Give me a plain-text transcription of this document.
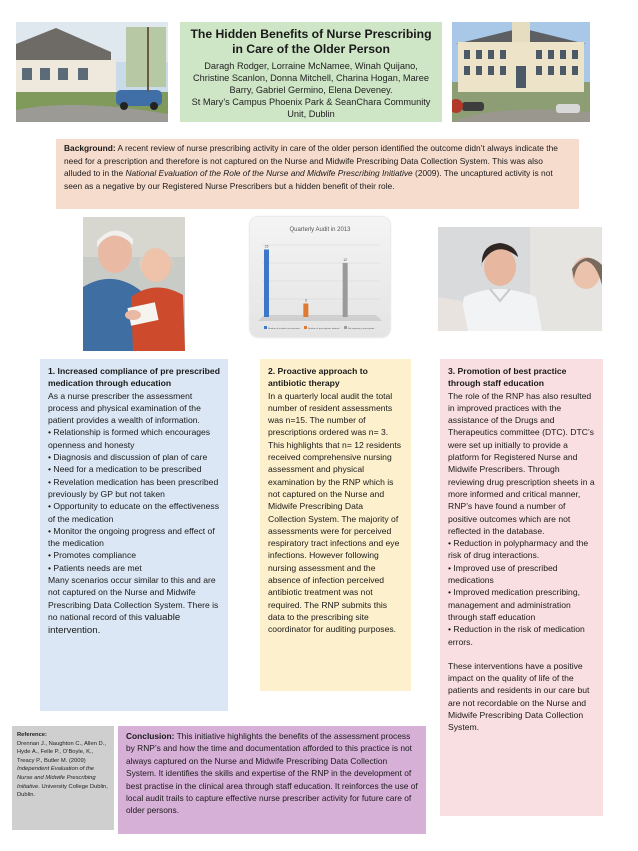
The Hidden Benefits of Nurse Prescribing
in Care of the Older Person
Daragh Rodger, Lorraine McNamee, Winah Quijano,
Christine Scanlon, Donna Mitchell, Charina Hogan, Maree
Barry, Gabriel Germino, Elena Deveney.
St Mary’s Campus Phoenix Park & SeanChara Community
Unit, Dublin
Background: A recent review of nurse prescribing activity in care of the older person identified the outcome didn’t always indicate the need for a prescription and therefore is not captured on the Nurse and Midwife Prescribing Data Collection System. This was also alluded to in the National Evaluation of the Role of the Nurse and Midwife Prescribing Initiative (2009). The uncaptured activity is not seen as a negative by our Registered Nurse Prescribers but a hidden benefit of their role.
Quarterly Audit in 2013
15
3
12
Number of resident assessments	Number of prescriptions ordered	Not requiring a prescription
1. Increased compliance of pre prescribed medication through education
As a nurse prescriber the assessment process and physical examination of the patient provides a wealth of information.
• Relationship is formed which encourages openness and honesty
• Diagnosis and discussion of plan of care
• Need for a medication to be prescribed
• Revelation medication has been prescribed previously by GP but not taken
• Opportunity to educate on the effectiveness of the medication
• Monitor the ongoing progress and effect of the medication
• Promotes compliance
• Patients needs are met
Many scenarios occur similar to this and are not captured on the Nurse and Midwife Prescribing Data Collection System. There is no national record of this valuable intervention.
2. Proactive approach to antibiotic therapy
In a quarterly local audit the total number of resident assessments was n=15. The number of prescriptions ordered was n= 3. This highlights that n= 12 residents received comprehensive nursing assessment and physical examination by the RNP which is not captured on the Nurse and Midwife Prescribing Data Collection System. The majority of assessments were for perceived respiratory tract infections and eye infections. However following nursing assessment and the absence of infection perceived antibiotic treatment was not required. The RNP submits this data to the prescribing site coordinator for auditing purposes.
3. Promotion of best practice through staff education
The role of the RNP has also resulted in improved practices with the assistance of the Drugs and Therapeutics committee (DTC). DTC’s were set up initially to provide a platform for Registered Nurse and Midwife Prescribers. Through reviewing drug prescription sheets in a more informed and critical manner, RNP’s have found a number of positive outcomes which are not reflected in the database.
• Reduction in polypharmacy and the risk of drug interactions.
• Improved use of prescribed medications
• Improved medication prescribing, management and administration through staff education
• Reduction in the risk of medication errors.
These interventions have a positive impact on the quality of life of the patients and residents in our care but are not recordable on the Nurse and Midwife Prescribing Data Collection System.
Reference:
Drennan J., Naughton C., Allen D., Hyde A., Felle P., O’Boyle, K., Treacy P., Butler M. (2009) Independent Evaluation of the Nurse and Midwife Prescribing Initiative. University College Dublin, Dublin.
Conclusion: This initiative highlights the benefits of the assessment process by RNP’s and how the time and documentation afforded to this practice is not always captured on the Nurse and Midwife Prescribing Data Collection System. It identifies the skills and expertise of the RNP in the development of best practise in the clinical area through staff education. It reinforces the use of local audit trails to capture effective nurse prescriber activity for future care of older persons.
